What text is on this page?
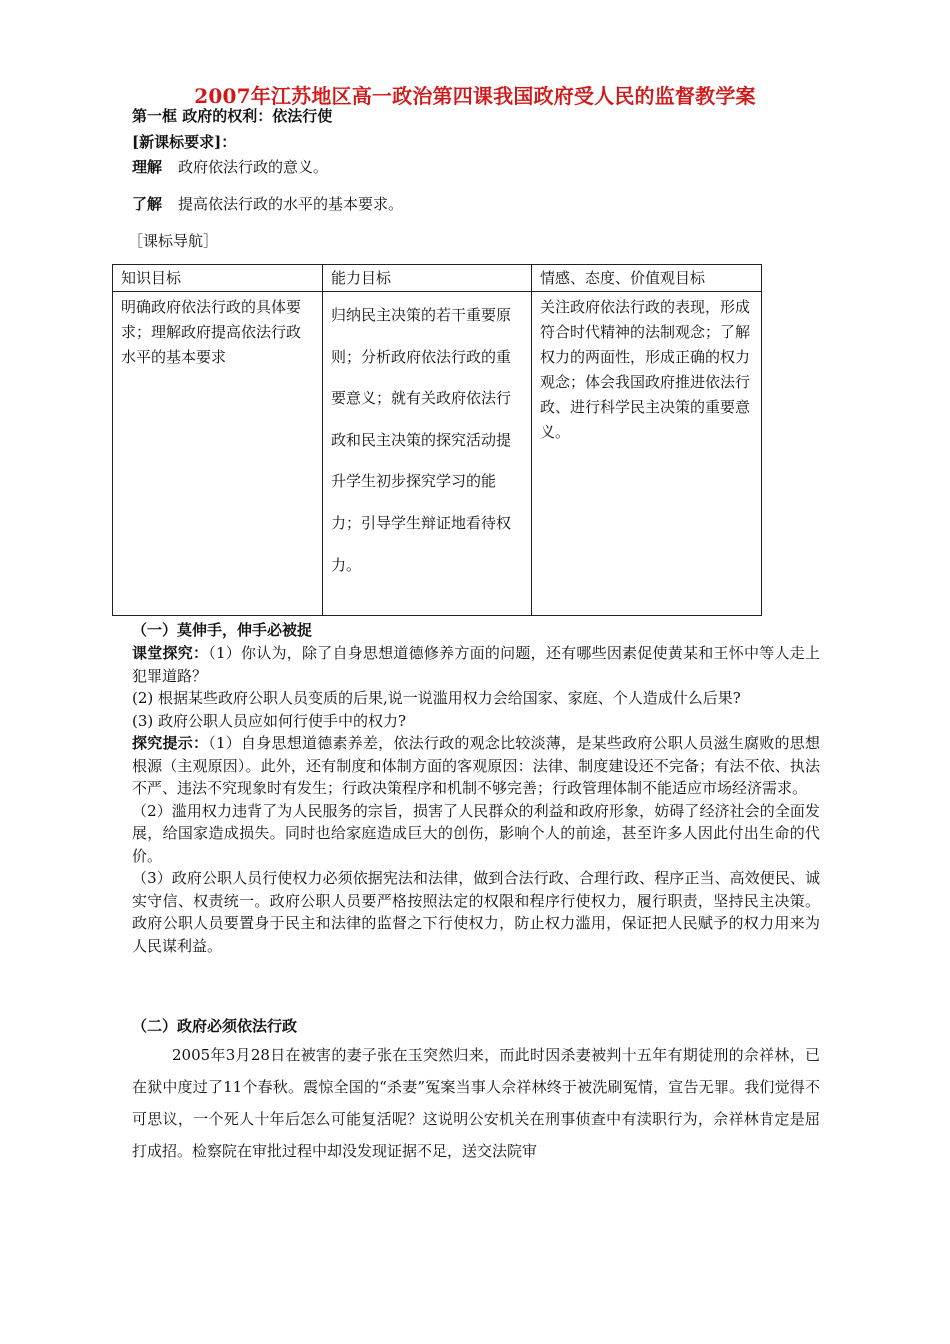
2007年江苏地区高一政治第四课我国政府受人民的监督教学案
第一框 政府的权利：依法行使
[新课标要求]：
理解 政府依法行政的意义。
了解 提高依法行政的水平的基本要求。
［课标导航］
知识目标	能力目标	情感、态度、价值观目标
明确政府依法行政的具体要求；理解政府提高依法行政水平的基本要求	归纳民主决策的若干重要原则；分析政府依法行政的重要意义；就有关政府依法行政和民主决策的探究活动提升学生初步探究学习的能力；引导学生辩证地看待权力。	关注政府依法行政的表现，形成符合时代精神的法制观念；了解权力的两面性，形成正确的权力观念；体会我国政府推进依法行政、进行科学民主决策的重要意义。
（一）莫伸手，伸手必被捉

课堂探究：（1）你认为，除了自身思想道德修养方面的问题，还有哪些因素促使黄某和王怀中等人走上犯罪道路？

(2) 根据某些政府公职人员变质的后果,说一说滥用权力会给国家、家庭、个人造成什么后果?

(3) 政府公职人员应如何行使手中的权力?

探究提示：（1）自身思想道德素养差，依法行政的观念比较淡薄，是某些政府公职人员滋生腐败的思想根源（主观原因）。此外，还有制度和体制方面的客观原因：法律、制度建设还不完备；有法不依、执法不严、违法不究现象时有发生；行政决策程序和机制不够完善；行政管理体制不能适应市场经济需求。

（2）滥用权力违背了为人民服务的宗旨，损害了人民群众的利益和政府形象，妨碍了经济社会的全面发展，给国家造成损失。同时也给家庭造成巨大的创伤，影响个人的前途，甚至许多人因此付出生命的代价。

（3）政府公职人员行使权力必须依据宪法和法律，做到合法行政、合理行政、程序正当、高效便民、诚实守信、权责统一。政府公职人员要严格按照法定的权限和程序行使权力，履行职责，坚持民主决策。政府公职人员要置身于民主和法律的监督之下行使权力，防止权力滥用，保证把人民赋予的权力用来为人民谋利益。

（二）政府必须依法行政
2005年3月28日在被害的妻子张在玉突然归来，而此时因杀妻被判十五年有期徒刑的佘祥林，已在狱中度过了11个春秋。震惊全国的“杀妻”冤案当事人佘祥林终于被洗刷冤情，宣告无罪。我们觉得不可思议，一个死人十年后怎么可能复活呢？这说明公安机关在刑事侦查中有渎职行为，佘祥林肯定是屈打成招。检察院在审批过程中却没发现证据不足，送交法院审
